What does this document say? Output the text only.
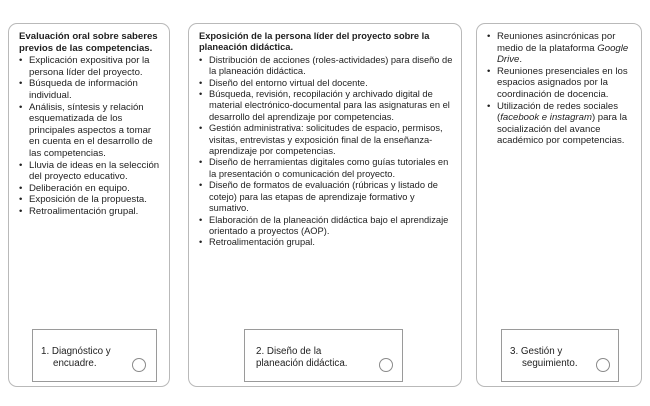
Evaluación oral sobre saberes previos de las competencias.
• Explicación expositiva por la persona líder del proyecto.
• Búsqueda de información individual.
• Análisis, síntesis y relación esquematizada de los principales aspectos a tomar en cuenta en el desarrollo de las competencias.
• Lluvia de ideas en la selección del proyecto educativo.
• Deliberación en equipo.
• Exposición de la propuesta.
• Retroalimentación grupal.
1. Diagnóstico y
encuadre.
Exposición de la persona líder del proyecto sobre la planeación didáctica.
• Distribución de acciones (roles-actividades) para diseño de la planeación didáctica.
• Diseño del entorno virtual del docente.
• Búsqueda, revisión, recopilación y archivado digital de material electrónico-documental para las asignaturas en el desarrollo del aprendizaje por competencias.
• Gestión administrativa: solicitudes de espacio, permisos, visitas, entrevistas y exposición final de la enseñanza-aprendizaje por competencias.
• Diseño de herramientas digitales como guías tutoriales en la presentación o comunicación del proyecto.
• Diseño de formatos de evaluación (rúbricas y listado de cotejo) para las etapas de aprendizaje formativo y sumativo.
• Elaboración de la planeación didáctica bajo el aprendizaje orientado a proyectos (AOP).
• Retroalimentación grupal.
2. Diseño de la
planeación didáctica.
• Reuniones asincrónicas por medio de la plataforma Google Drive.
• Reuniones presenciales en los espacios asignados por la coordinación de docencia.
• Utilización de redes sociales (facebook e instagram) para la socialización del avance académico por competencias.
3. Gestión y
seguimiento.
